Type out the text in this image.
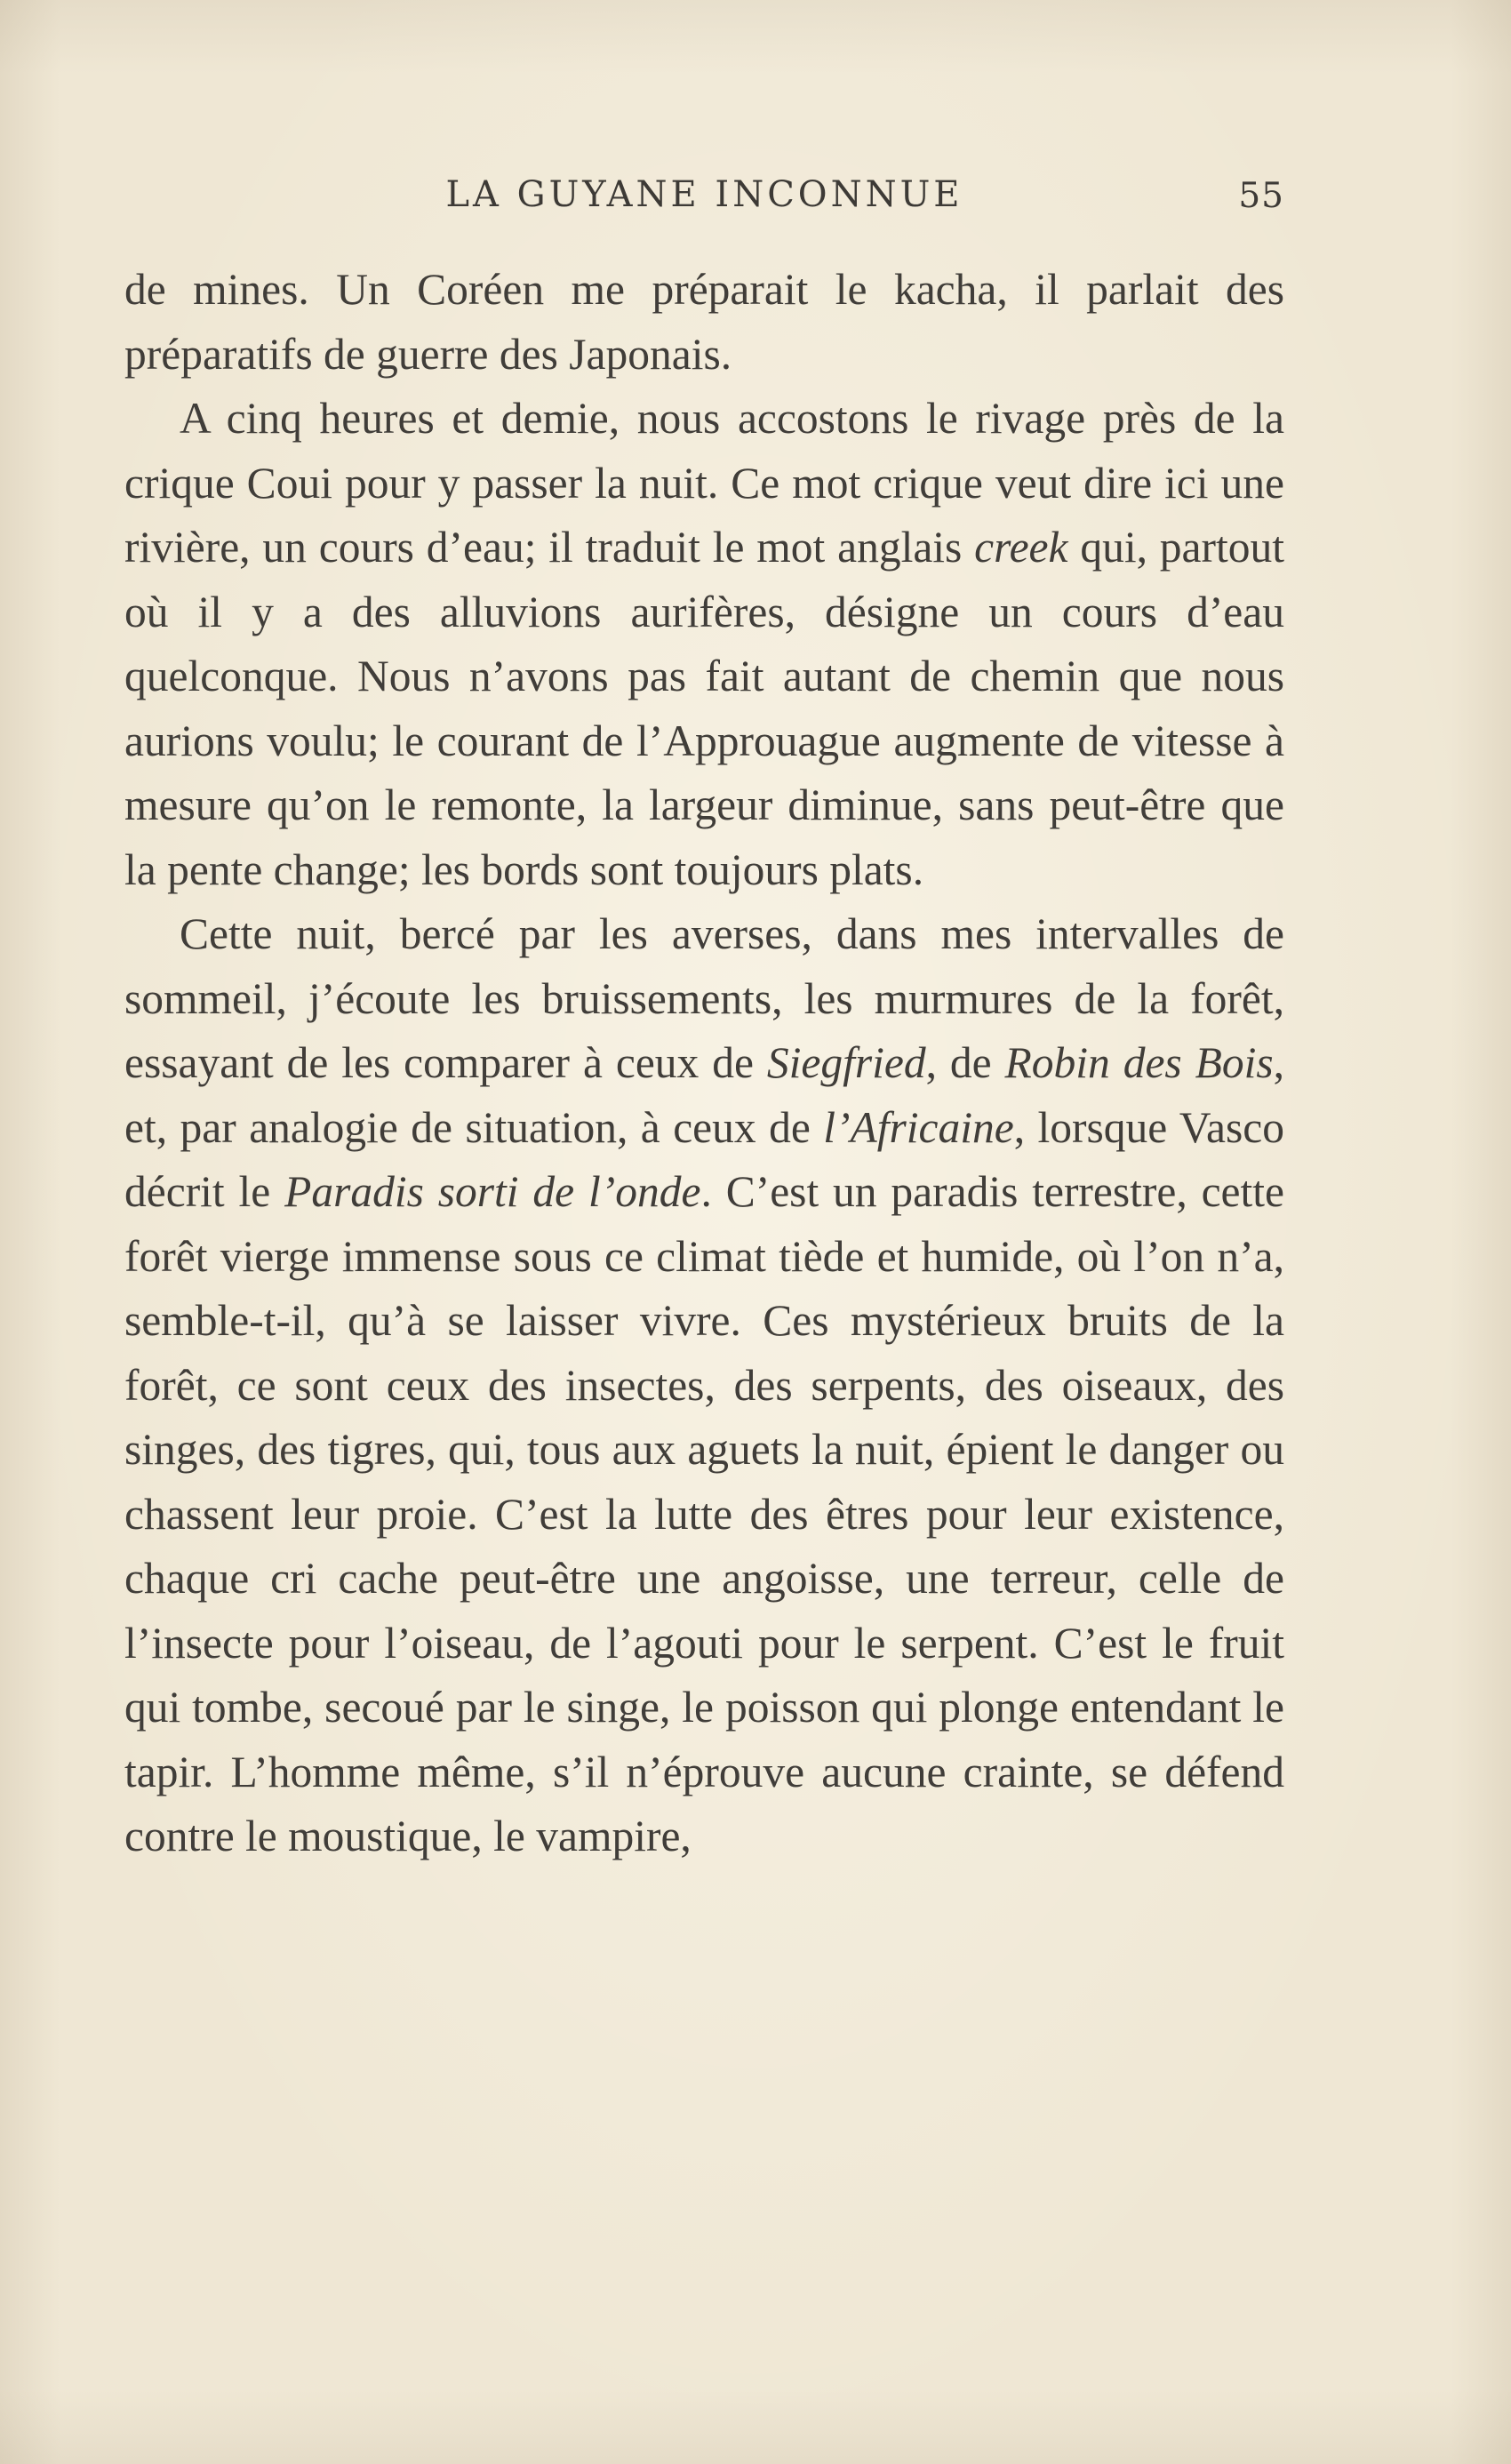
LA GUYANE INCONNUE	55

de mines. Un Coréen me préparait le kacha, il parlait des préparatifs de guerre des Japonais.

A cinq heures et demie, nous accostons le rivage près de la crique Coui pour y passer la nuit. Ce mot crique veut dire ici une rivière, un cours d’eau; il traduit le mot anglais creek qui, partout où il y a des alluvions aurifères, désigne un cours d’eau quelconque. Nous n’avons pas fait autant de chemin que nous aurions voulu; le courant de l’Approuague augmente de vitesse à mesure qu’on le remonte, la largeur diminue, sans peut-être que la pente change; les bords sont toujours plats.

Cette nuit, bercé par les averses, dans mes intervalles de sommeil, j’écoute les bruissements, les murmures de la forêt, essayant de les comparer à ceux de Siegfried, de Robin des Bois, et, par analogie de situation, à ceux de l’Africaine, lorsque Vasco décrit le Paradis sorti de l’onde. C’est un paradis terrestre, cette forêt vierge immense sous ce climat tiède et humide, où l’on n’a, semble-t-il, qu’à se laisser vivre. Ces mystérieux bruits de la forêt, ce sont ceux des insectes, des serpents, des oiseaux, des singes, des tigres, qui, tous aux aguets la nuit, épient le danger ou chassent leur proie. C’est la lutte des êtres pour leur existence, chaque cri cache peut-être une angoisse, une terreur, celle de l’insecte pour l’oiseau, de l’agouti pour le serpent. C’est le fruit qui tombe, secoué par le singe, le poisson qui plonge entendant le tapir. L’homme même, s’il n’éprouve aucune crainte, se défend contre le moustique, le vampire,
